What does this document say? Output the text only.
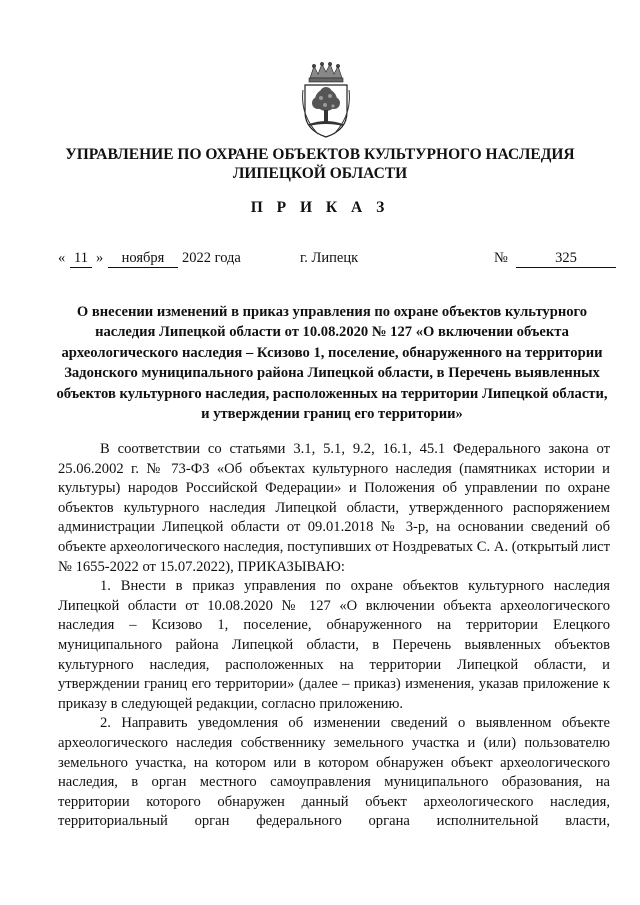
УПРАВЛЕНИЕ ПО ОХРАНЕ ОБЪЕКТОВ КУЛЬТУРНОГО НАСЛЕДИЯ
ЛИПЕЦКОЙ ОБЛАСТИ
П Р И К А З
« 11 »	ноября	2022 года	г. Липецк	№	325
О внесении изменений в приказ управления по охране объектов культурного наследия Липецкой области от 10.08.2020 № 127 «О включении объекта археологического наследия – Ксизово 1, поселение, обнаруженного на территории Задонского муниципального района Липецкой области, в Перечень выявленных объектов культурного наследия, расположенных на территории Липецкой области, и утверждении границ его территории»

В соответствии со статьями 3.1, 5.1, 9.2, 16.1, 45.1 Федерального закона от 25.06.2002 г. № 73-ФЗ «Об объектах культурного наследия (памятниках истории и культуры) народов Российской Федерации» и Положения об управлении по охране объектов культурного наследия Липецкой области, утвержденного распоряжением администрации Липецкой области от 09.01.2018 № 3-р, на основании сведений об объекте археологического наследия, поступивших от Ноздреватых С. А. (открытый лист № 1655-2022 от 15.07.2022), ПРИКАЗЫВАЮ:

1. Внести в приказ управления по охране объектов культурного наследия Липецкой области от 10.08.2020 № 127 «О включении объекта археологического наследия – Ксизово 1, поселение, обнаруженного на территории Елецкого муниципального района Липецкой области, в Перечень выявленных объектов культурного наследия, расположенных на территории Липецкой области, и утверждении границ его территории» (далее – приказ) изменения, указав приложение к приказу в следующей редакции, согласно приложению.

2. Направить уведомления об изменении сведений о выявленном объекте археологического наследия собственнику земельного участка и (или) пользователю земельного участка, на котором или в котором обнаружен объект археологического наследия, в орган местного самоуправления муниципального образования, на территории которого обнаружен данный объект археологического наследия, территориальный орган федерального органа исполнительной власти,
